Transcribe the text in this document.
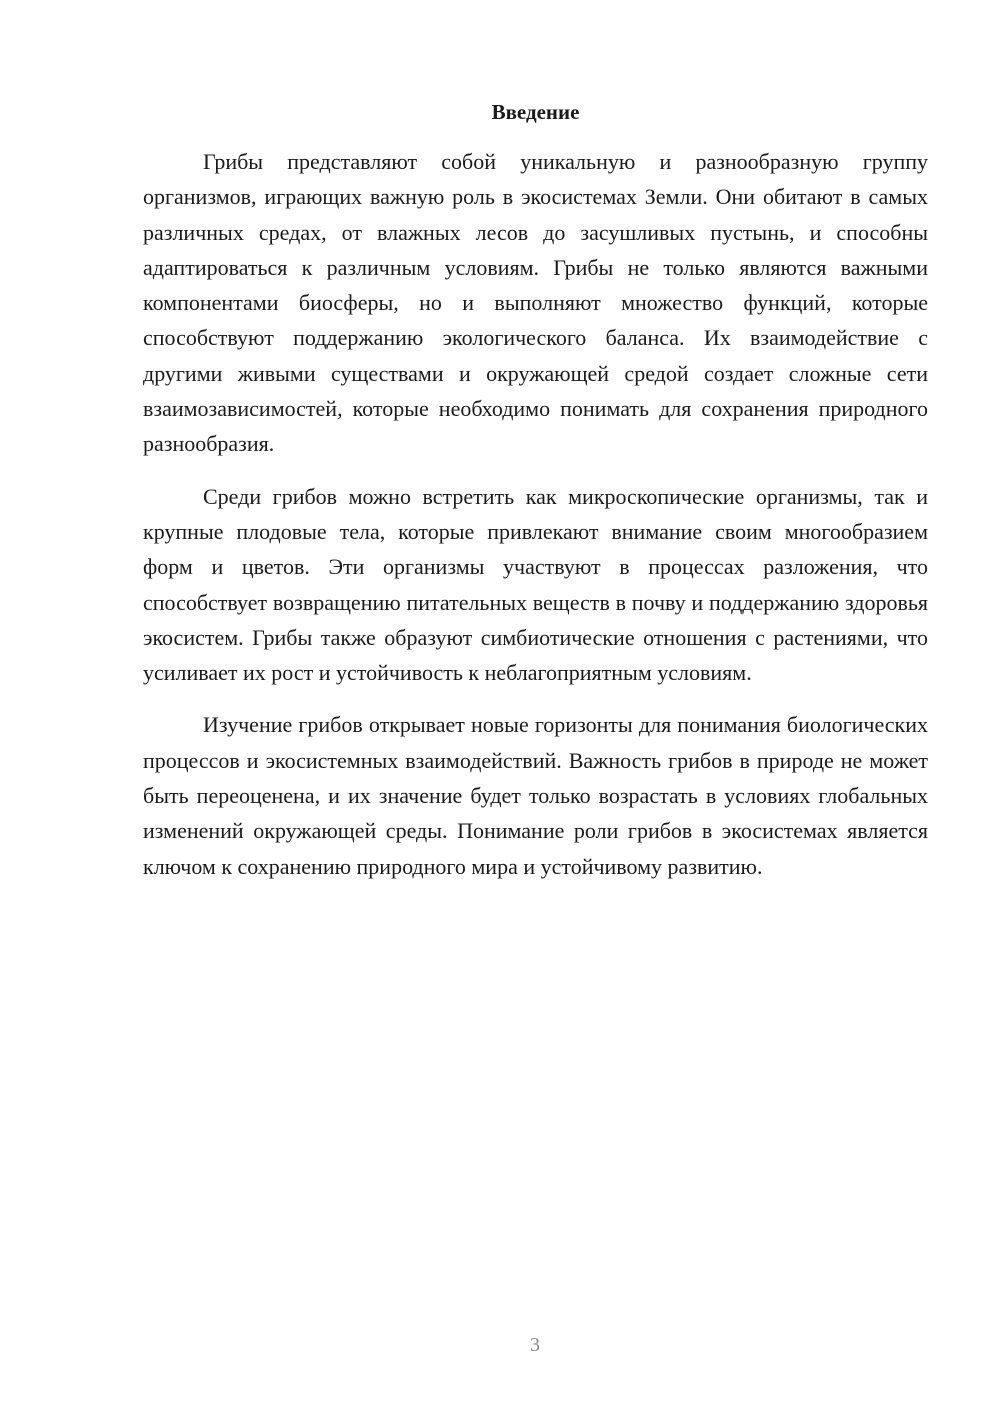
Введение

Грибы представляют собой уникальную и разнообразную группу организмов, играющих важную роль в экосистемах Земли. Они обитают в самых различных средах, от влажных лесов до засушливых пустынь, и способны адаптироваться к различным условиям. Грибы не только являются важными компонентами биосферы, но и выполняют множество функций, которые способствуют поддержанию экологического баланса. Их взаимодействие с другими живыми существами и окружающей средой создает сложные сети взаимозависимостей, которые необходимо понимать для сохранения природного разнообразия.

Среди грибов можно встретить как микроскопические организмы, так и крупные плодовые тела, которые привлекают внимание своим многообразием форм и цветов. Эти организмы участвуют в процессах разложения, что способствует возвращению питательных веществ в почву и поддержанию здоровья экосистем. Грибы также образуют симбиотические отношения с растениями, что усиливает их рост и устойчивость к неблагоприятным условиям.

Изучение грибов открывает новые горизонты для понимания биологических процессов и экосистемных взаимодействий. Важность грибов в природе не может быть переоценена, и их значение будет только возрастать в условиях глобальных изменений окружающей среды. Понимание роли грибов в экосистемах является ключом к сохранению природного мира и устойчивому развитию.

3
